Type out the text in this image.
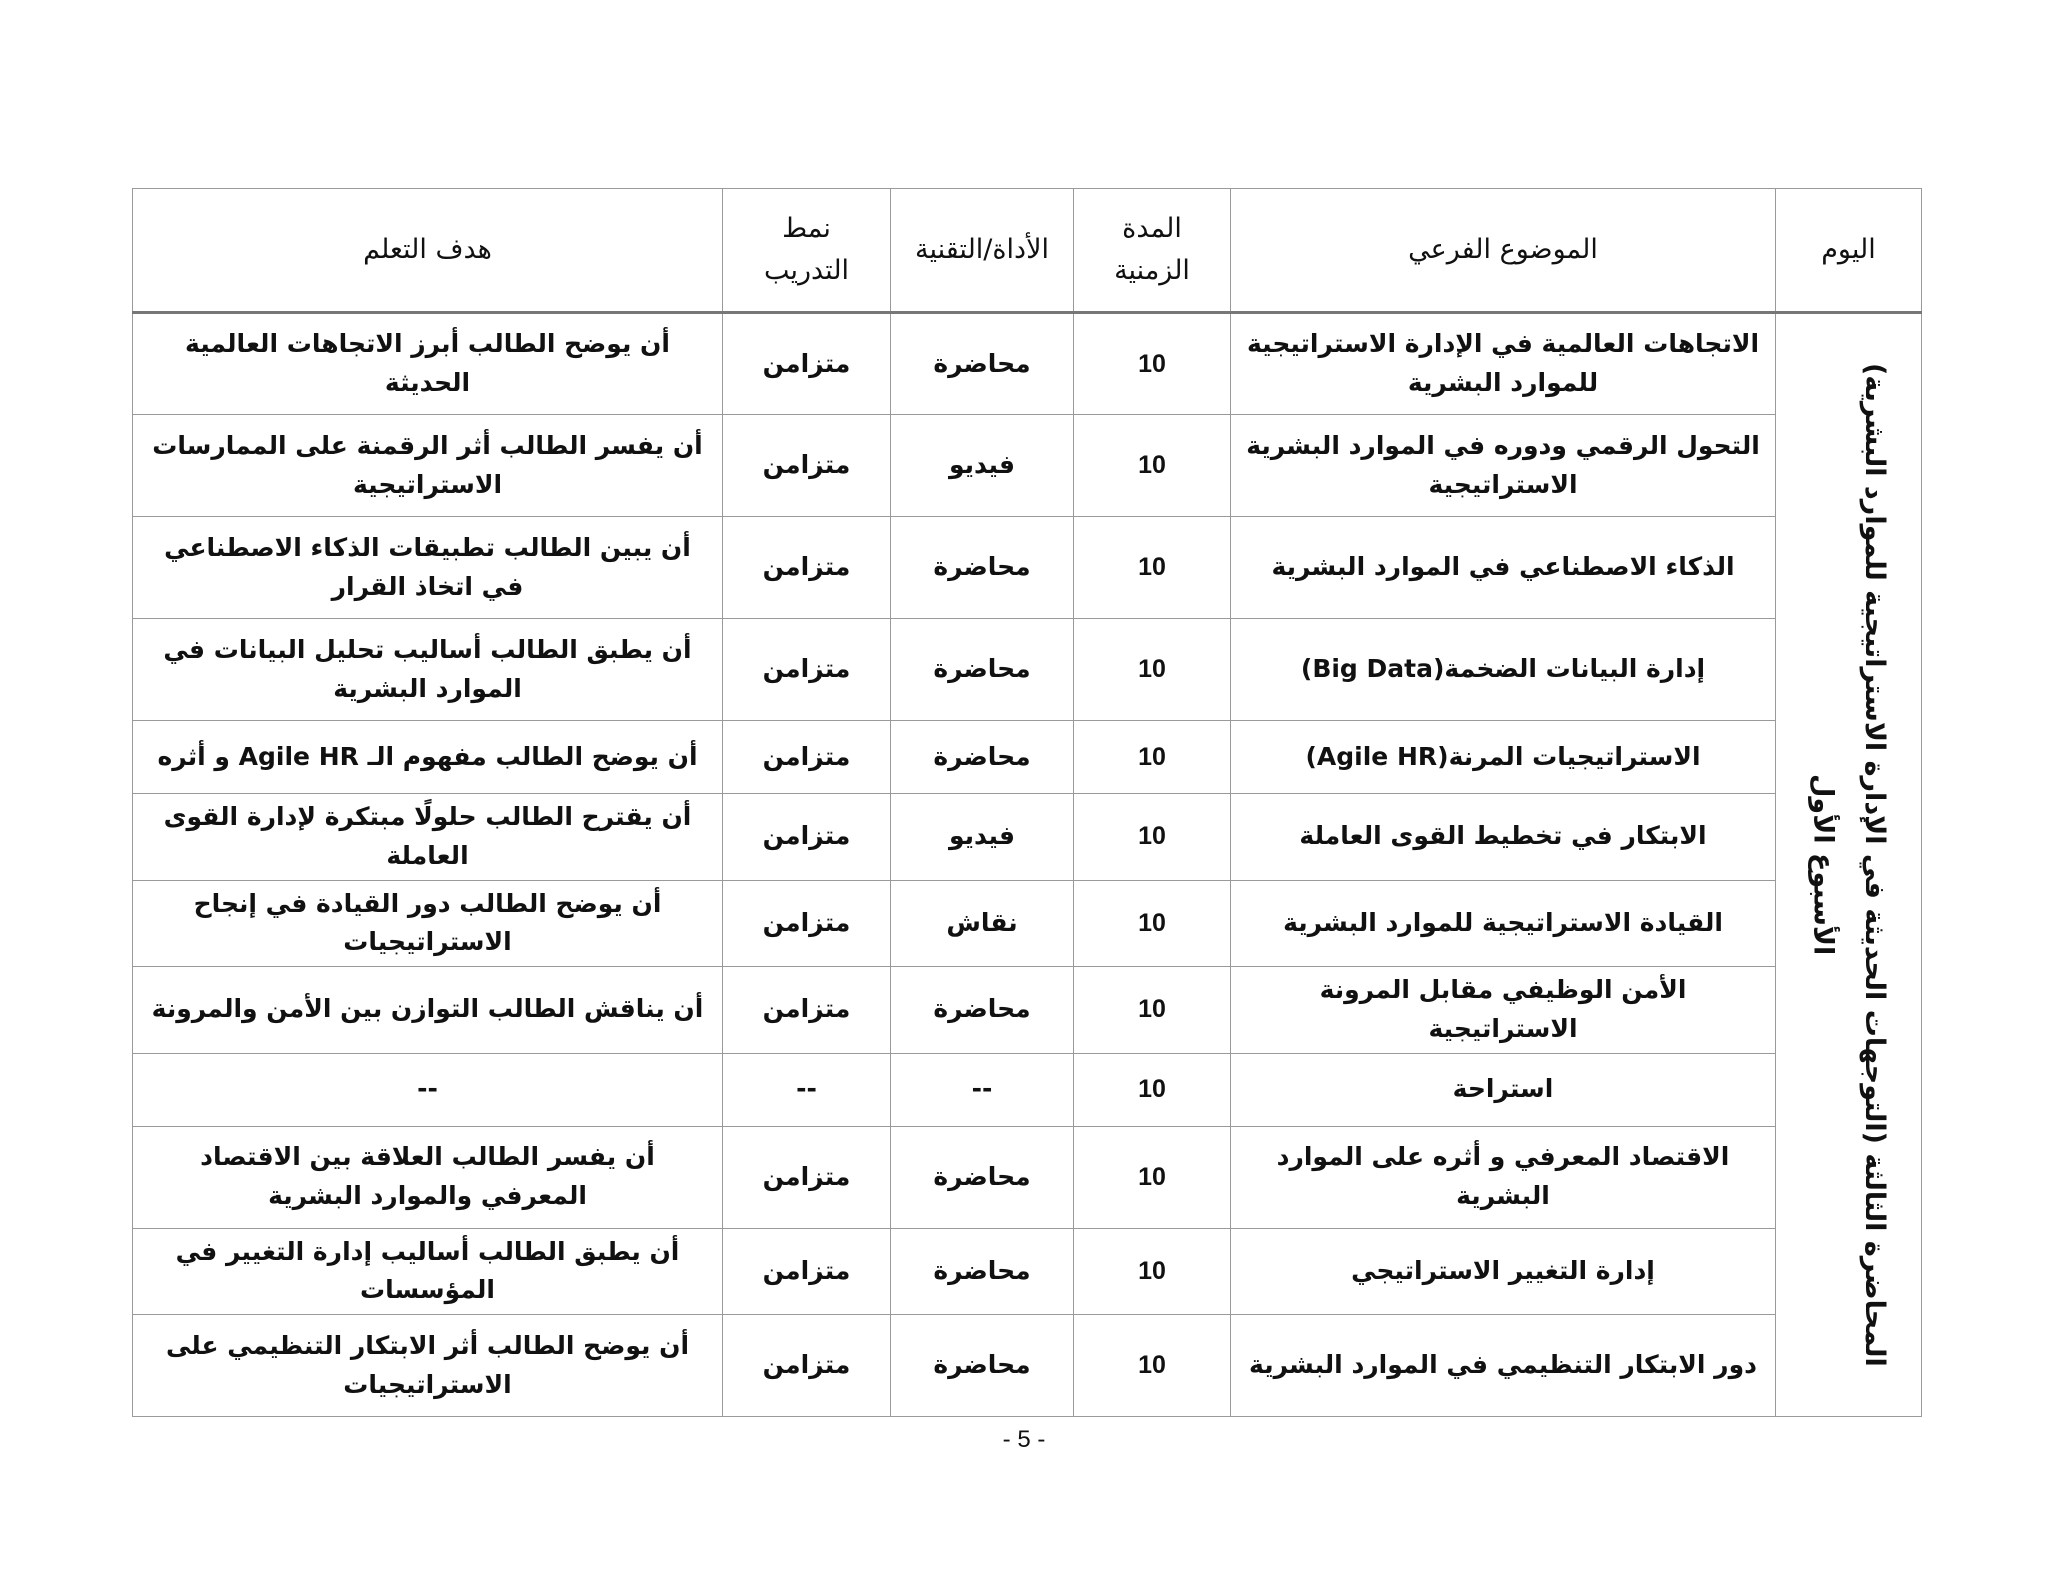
اليوم	الموضوع الفرعي	المدة الزمنية	الأداة/التقنية	نمط التدريب	هدف التعلم

المحاضرة الثالثة (التوجهات الحديثة في الإدارة الاستراتيجية للموارد البشرية)
الأسبوع الأول	الاتجاهات العالمية في الإدارة الاستراتيجية للموارد البشرية	10	محاضرة	متزامن	أن يوضح الطالب أبرز الاتجاهات العالمية الحديثة
	التحول الرقمي ودوره في الموارد البشرية الاستراتيجية	10	فيديو	متزامن	أن يفسر الطالب أثر الرقمنة على الممارسات الاستراتيجية
	الذكاء الاصطناعي في الموارد البشرية	10	محاضرة	متزامن	أن يبين الطالب تطبيقات الذكاء الاصطناعي في اتخاذ القرار
	إدارة البيانات الضخمة(Big Data)	10	محاضرة	متزامن	أن يطبق الطالب أساليب تحليل البيانات في الموارد البشرية
	الاستراتيجيات المرنة(Agile HR)	10	محاضرة	متزامن	أن يوضح الطالب مفهوم الـ Agile HR و أثره
	الابتكار في تخطيط القوى العاملة	10	فيديو	متزامن	أن يقترح الطالب حلولًا مبتكرة لإدارة القوى العاملة
	القيادة الاستراتيجية للموارد البشرية	10	نقاش	متزامن	أن يوضح الطالب دور القيادة في إنجاح الاستراتيجيات
	الأمن الوظيفي مقابل المرونة الاستراتيجية	10	محاضرة	متزامن	أن يناقش الطالب التوازن بين الأمن والمرونة
	استراحة	10	--	--	--
	الاقتصاد المعرفي و أثره على الموارد البشرية	10	محاضرة	متزامن	أن يفسر الطالب العلاقة بين الاقتصاد المعرفي والموارد البشرية
	إدارة التغيير الاستراتيجي	10	محاضرة	متزامن	أن يطبق الطالب أساليب إدارة التغيير في المؤسسات
	دور الابتكار التنظيمي في الموارد البشرية	10	محاضرة	متزامن	أن يوضح الطالب أثر الابتكار التنظيمي على الاستراتيجيات
- 5 -
